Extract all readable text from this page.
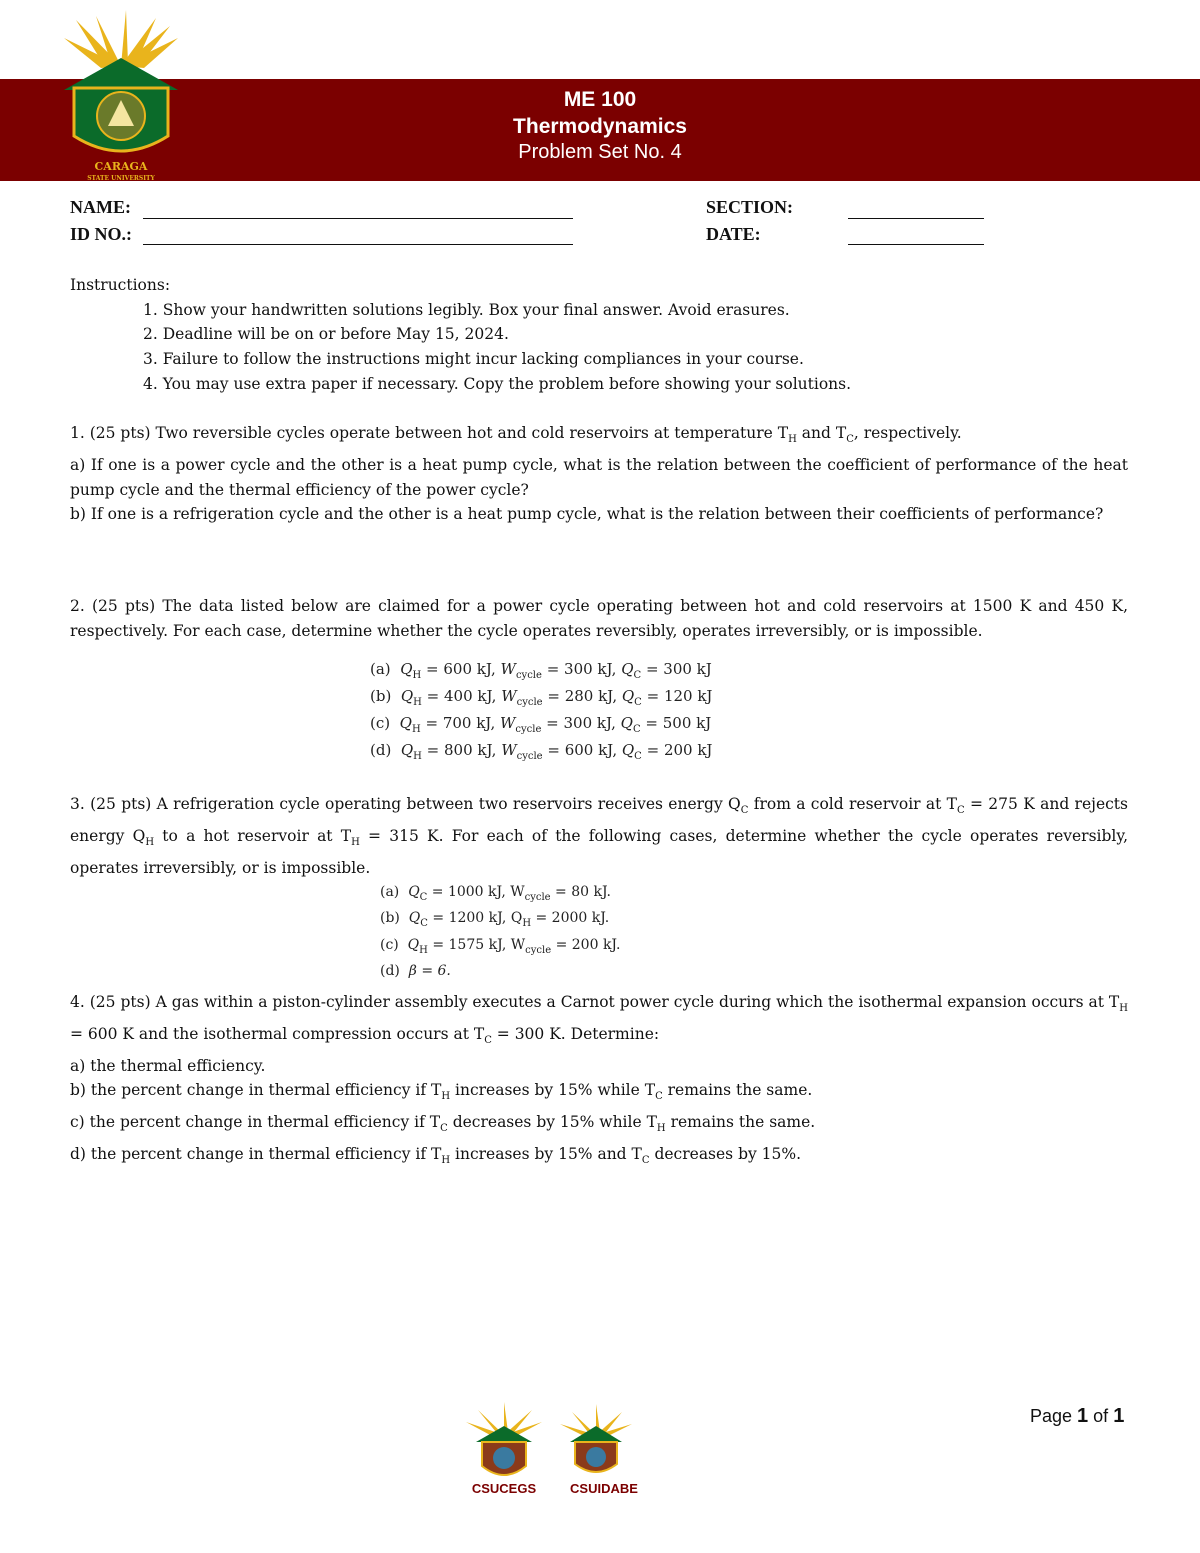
ME 100
Thermodynamics
Problem Set No. 4
CARAGA
STATE UNIVERSITY
NAME:
ID NO.:
SECTION:
DATE:
Instructions:
1. Show your handwritten solutions legibly. Box your final answer. Avoid erasures.
2. Deadline will be on or before May 15, 2024.
3. Failure to follow the instructions might incur lacking compliances in your course.
4. You may use extra paper if necessary. Copy the problem before showing your solutions.

1. (25 pts) Two reversible cycles operate between hot and cold reservoirs at temperature $T_H$ and $T_C$, respectively.

a) If one is a power cycle and the other is a heat pump cycle, what is the relation between the coefficient of performance of the heat pump cycle and the thermal efficiency of the power cycle?

b) If one is a refrigeration cycle and the other is a heat pump cycle, what is the relation between their coefficients of performance?

2. (25 pts) The data listed below are claimed for a power cycle operating between hot and cold reservoirs at 1500 K and 450 K, respectively. For each case, determine whether the cycle operates reversibly, operates irreversibly, or is impossible.

(a) $Q_H = 600$ kJ, $W_{cycle} = 300$ kJ, $Q_C = 300$ kJ
(b) $Q_H = 400$ kJ, $W_{cycle} = 280$ kJ, $Q_C = 120$ kJ
(c) $Q_H = 700$ kJ, $W_{cycle} = 300$ kJ, $Q_C = 500$ kJ
(d) $Q_H = 800$ kJ, $W_{cycle} = 600$ kJ, $Q_C = 200$ kJ

3. (25 pts) A refrigeration cycle operating between two reservoirs receives energy $Q_C$ from a cold reservoir at $T_C = 275$ K and rejects energy $Q_H$ to a hot reservoir at $T_H = 315$ K. For each of the following cases, determine whether the cycle operates reversibly, operates irreversibly, or is impossible.

(a) $Q_C = 1000$ kJ, $W_{cycle} = 80$ kJ.
(b) $Q_C = 1200$ kJ, $Q_H = 2000$ kJ.
(c) $Q_H = 1575$ kJ, $W_{cycle} = 200$ kJ.
(d) β = 6.

4. (25 pts) A gas within a piston-cylinder assembly executes a Carnot power cycle during which the isothermal expansion occurs at $T_H = 600$ K and the isothermal compression occurs at $T_C = 300$ K. Determine:

a) the thermal efficiency.

b) the percent change in thermal efficiency if $T_H$ increases by 15% while $T_C$ remains the same.

c) the percent change in thermal efficiency if $T_C$ decreases by 15% while $T_H$ remains the same.

d) the percent change in thermal efficiency if $T_H$ increases by 15% and $T_C$ decreases by 15%.

CSUCEGS	CSUIDABE
Page 1 of 1
